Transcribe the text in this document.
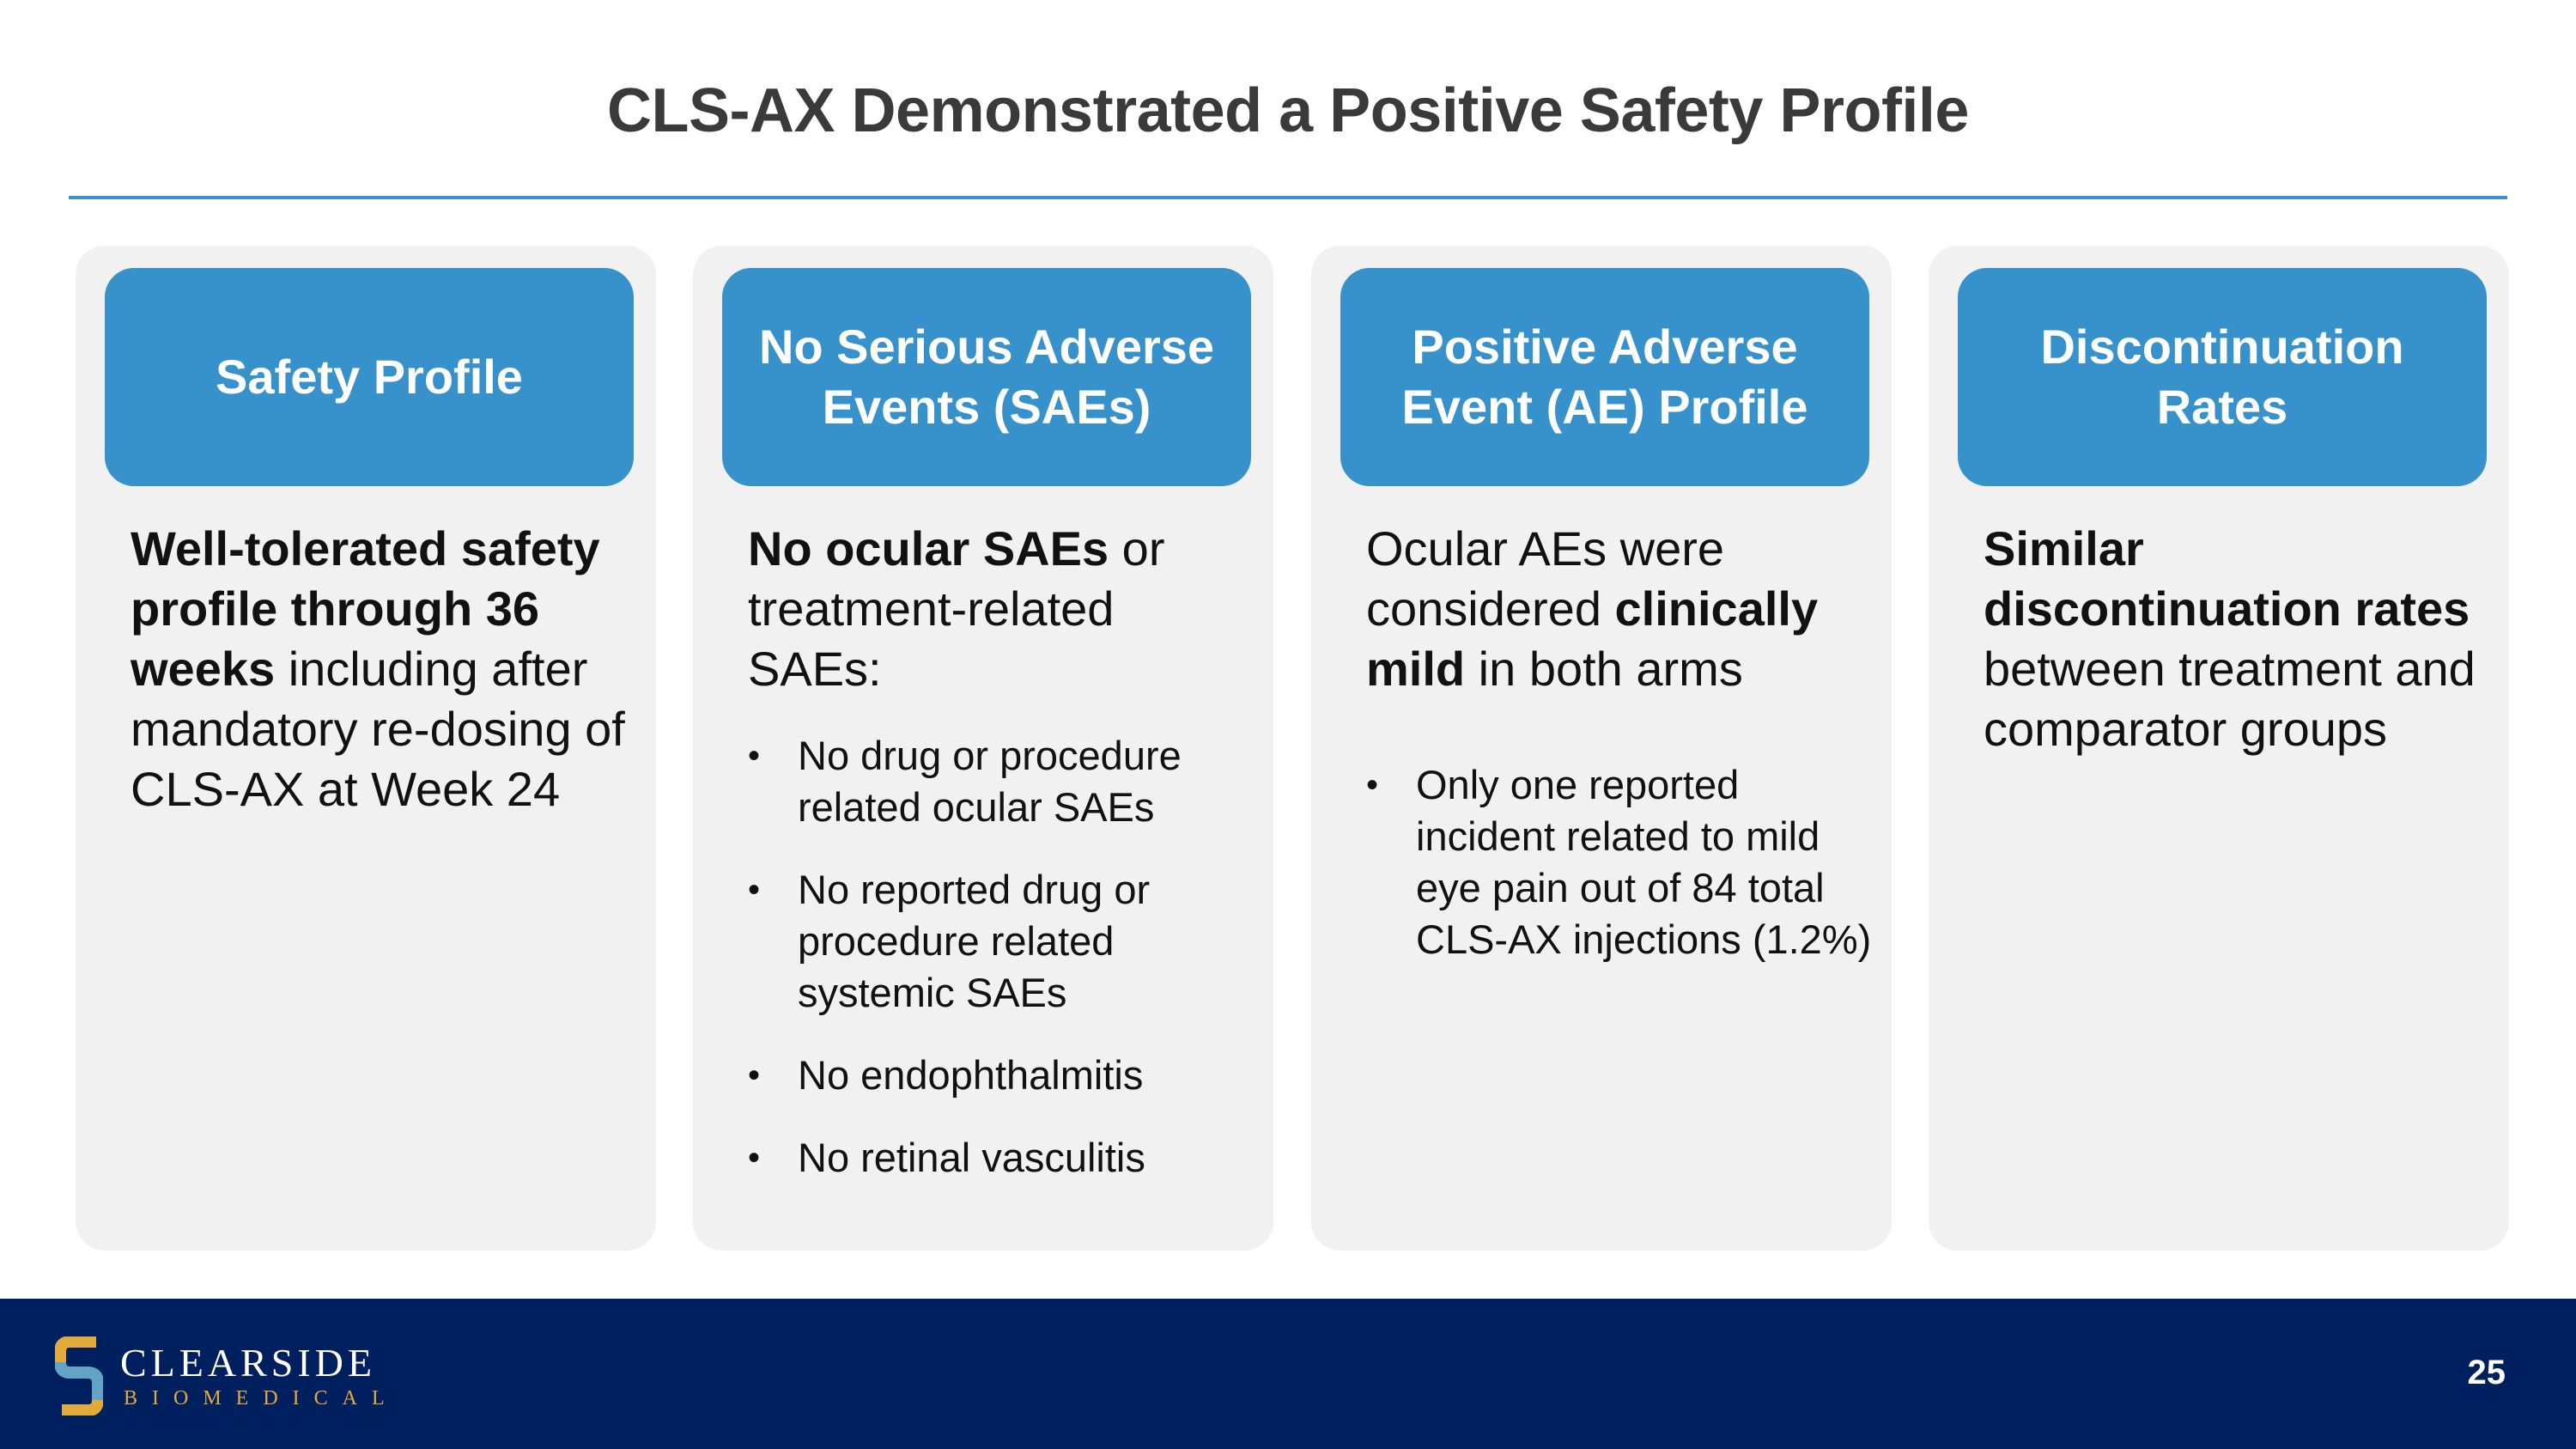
CLS-AX Demonstrated a Positive Safety Profile
Safety Profile
Well-tolerated safety profile through 36 weeks including after mandatory re-dosing of CLS-AX at Week 24
No Serious Adverse Events (SAEs)
No ocular SAEs or treatment-related SAEs:
• No drug or procedure related ocular SAEs
• No reported drug or procedure related systemic SAEs
• No endophthalmitis
• No retinal vasculitis
Positive Adverse Event (AE) Profile
Ocular AEs were considered clinically mild in both arms
• Only one reported incident related to mild eye pain out of 84 total CLS-AX injections (1.2%)
Discontinuation Rates
Similar discontinuation rates between treatment and comparator groups
CLEARSIDE
BIOMEDICAL
25
